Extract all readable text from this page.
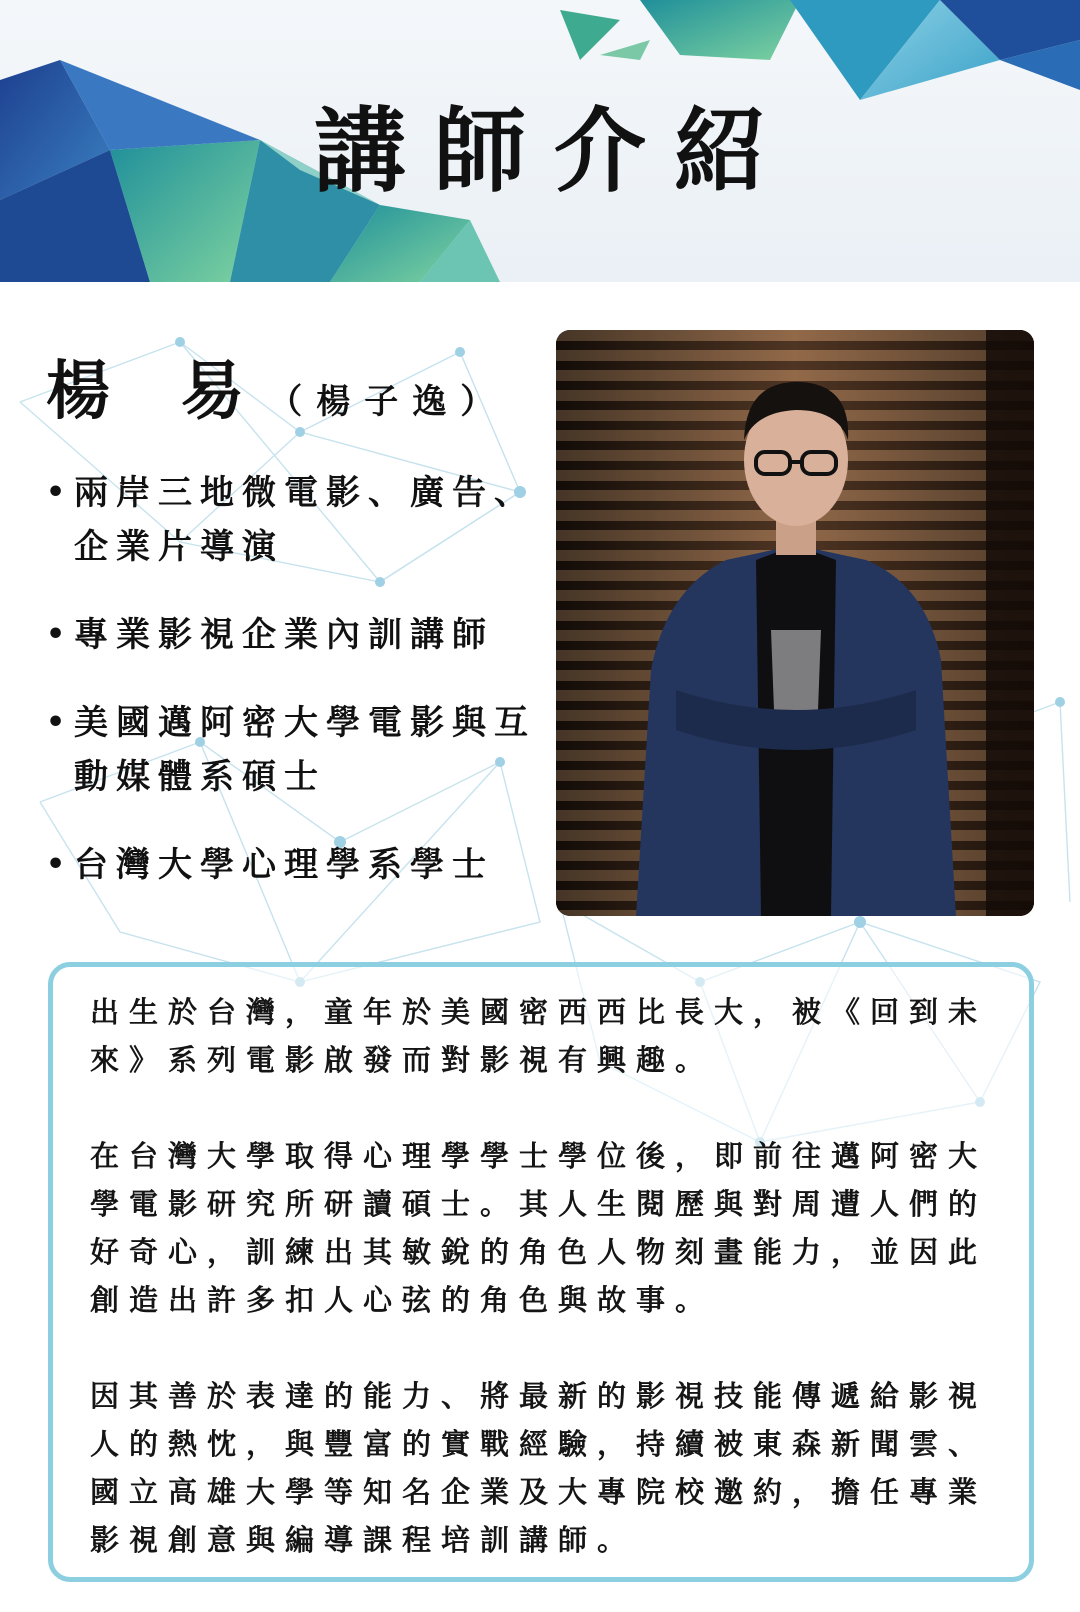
講師介紹
楊 易（楊子逸）
• 兩岸三地微電影、廣告、企業片導演
• 專業影視企業內訓講師
• 美國邁阿密大學電影與互動媒體系碩士
• 台灣大學心理學系學士

出生於台灣，童年於美國密西西比長大，被《回到未來》系列電影啟發而對影視有興趣。

在台灣大學取得心理學學士學位後，即前往邁阿密大學電影研究所研讀碩士。其人生閱歷與對周遭人們的好奇心，訓練出其敏銳的角色人物刻畫能力，並因此創造出許多扣人心弦的角色與故事。

因其善於表達的能力、將最新的影視技能傳遞給影視人的熱忱，與豐富的實戰經驗，持續被東森新聞雲、國立高雄大學等知名企業及大專院校邀約，擔任專業影視創意與編導課程培訓講師。
